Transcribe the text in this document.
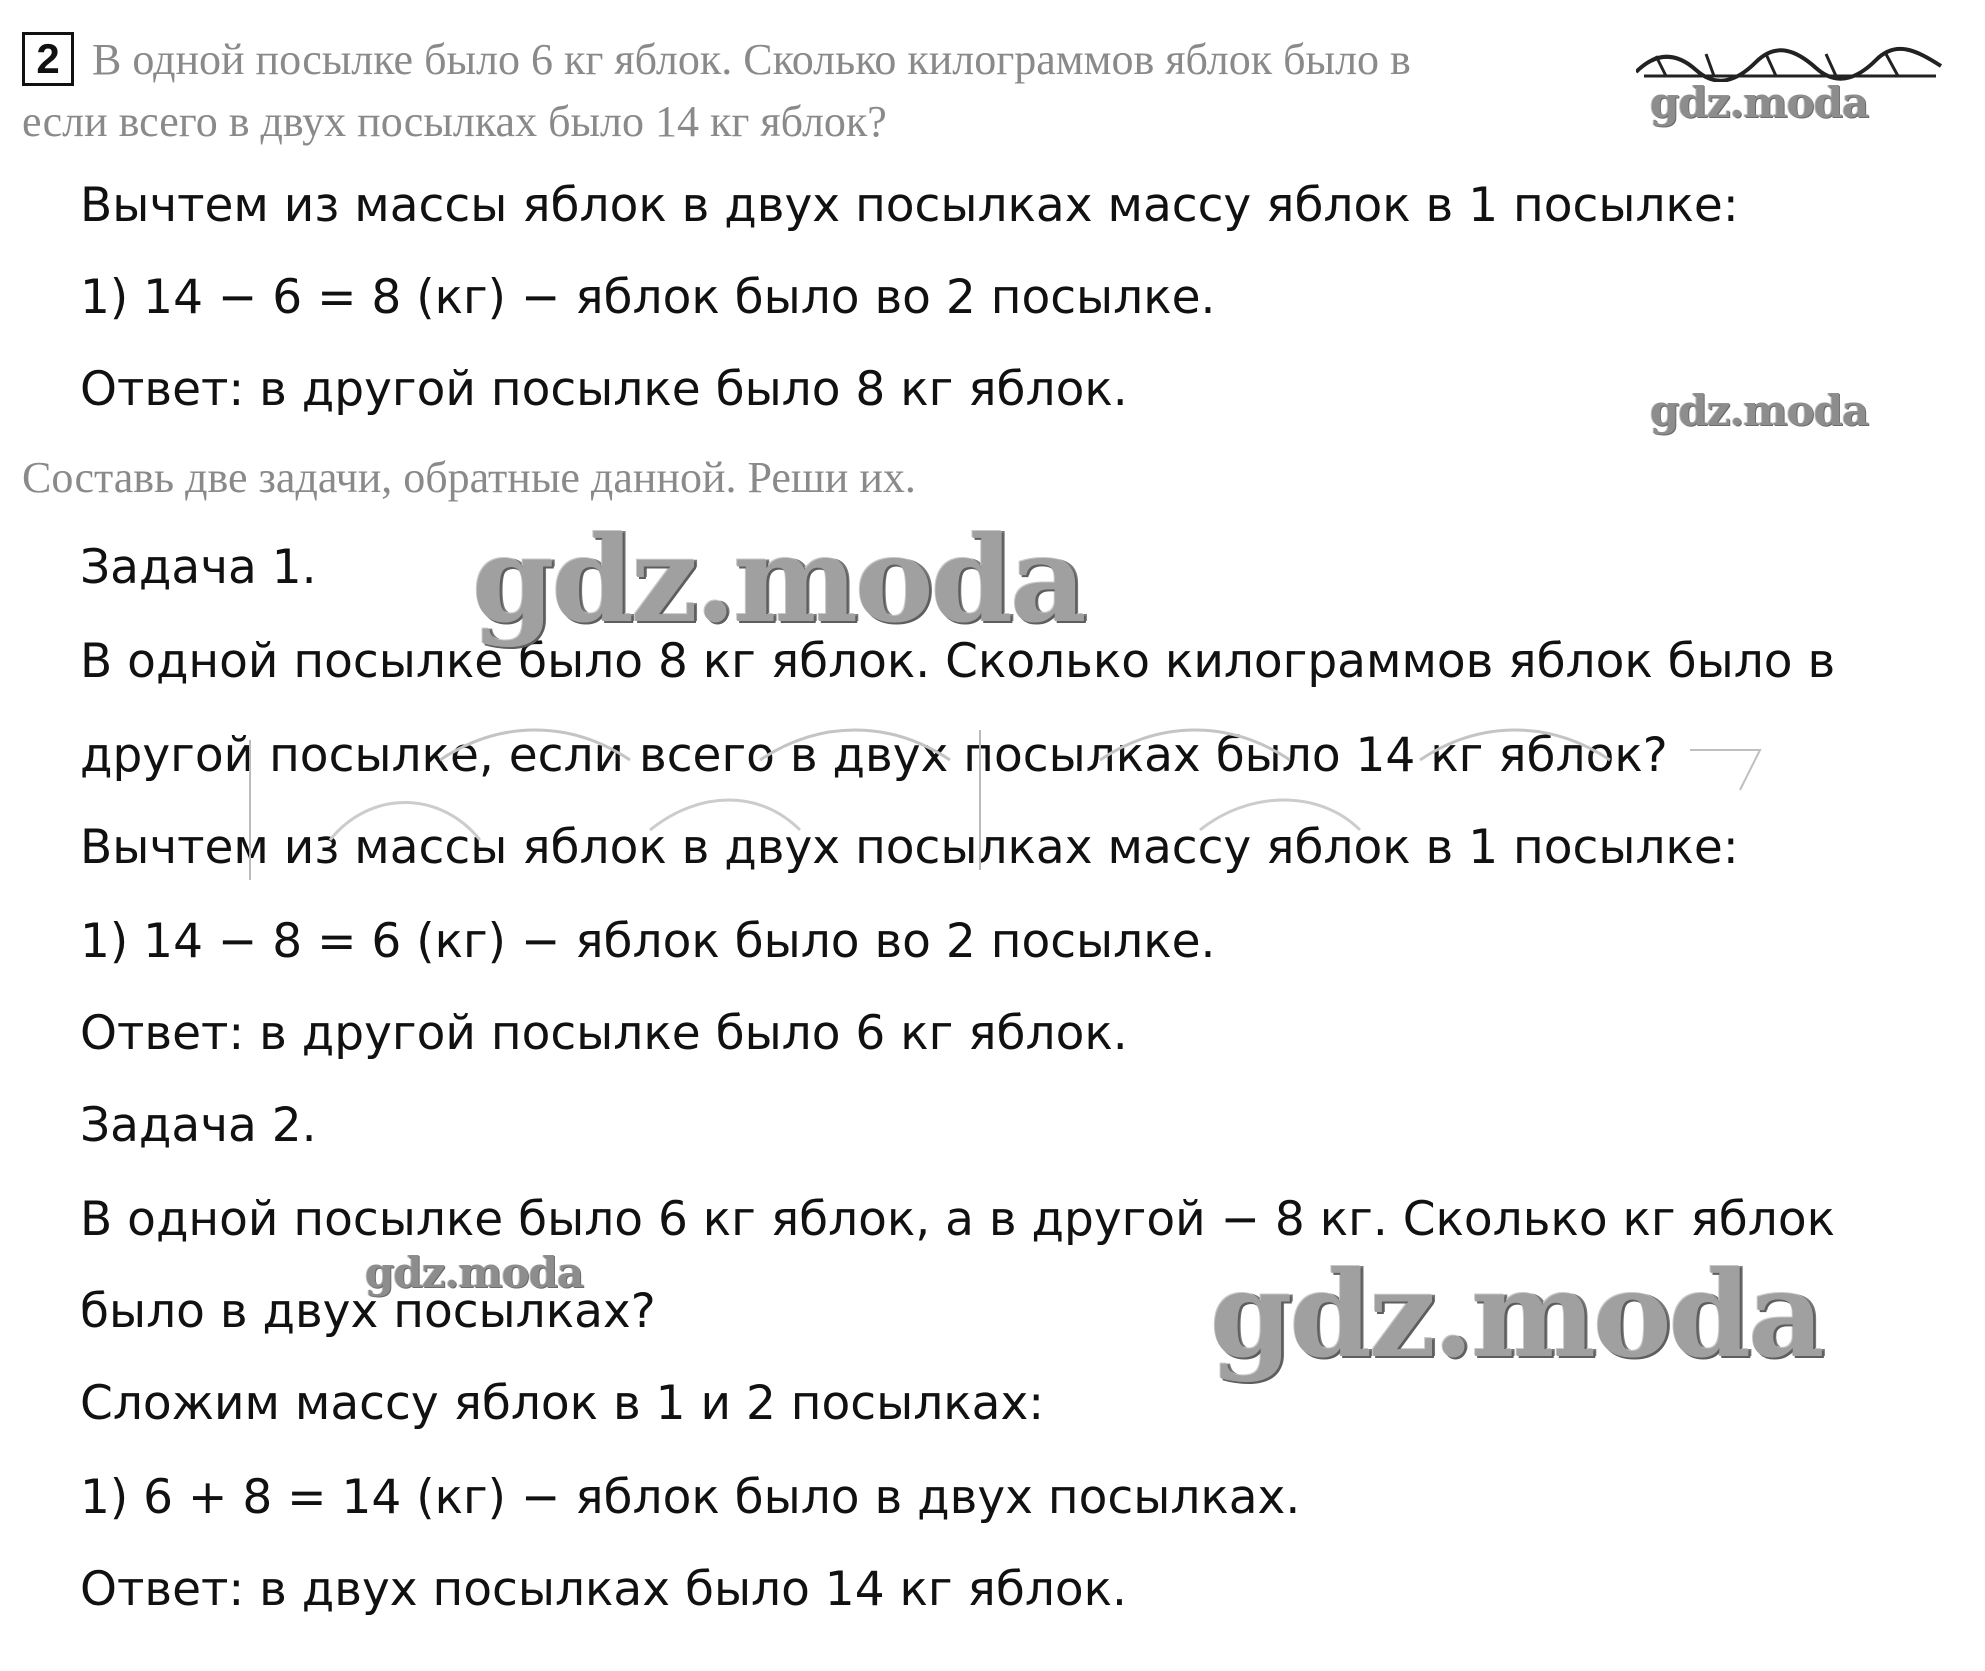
2 В одной посылке было 6 кг яблок. Сколько килограммов яблок было в
если всего в двух посылках было 14 кг яблок?
Вычтем из массы яблок в двух посылках массу яблок в 1 посылке:
1) 14 − 6 = 8 (кг) − яблок было во 2 посылке.
Ответ: в другой посылке было 8 кг яблок.
Составь две задачи, обратные данной. Реши их.
Задача 1.
В одной посылке было 8 кг яблок. Сколько килограммов яблок было в
другой посылке, если всего в двух посылках было 14 кг яблок?
Вычтем из массы яблок в двух посылках массу яблок в 1 посылке:
1) 14 − 8 = 6 (кг) − яблок было во 2 посылке.
Ответ: в другой посылке было 6 кг яблок.
Задача 2.
В одной посылке было 6 кг яблок, а в другой − 8 кг. Сколько кг яблок
было в двух посылках?
Сложим массу яблок в 1 и 2 посылках:
1) 6 + 8 = 14 (кг) − яблок было в двух посылках.
Ответ: в двух посылках было 14 кг яблок.
gdz.moda
gdz.moda
gdz.moda
gdz.moda	gdz.moda
